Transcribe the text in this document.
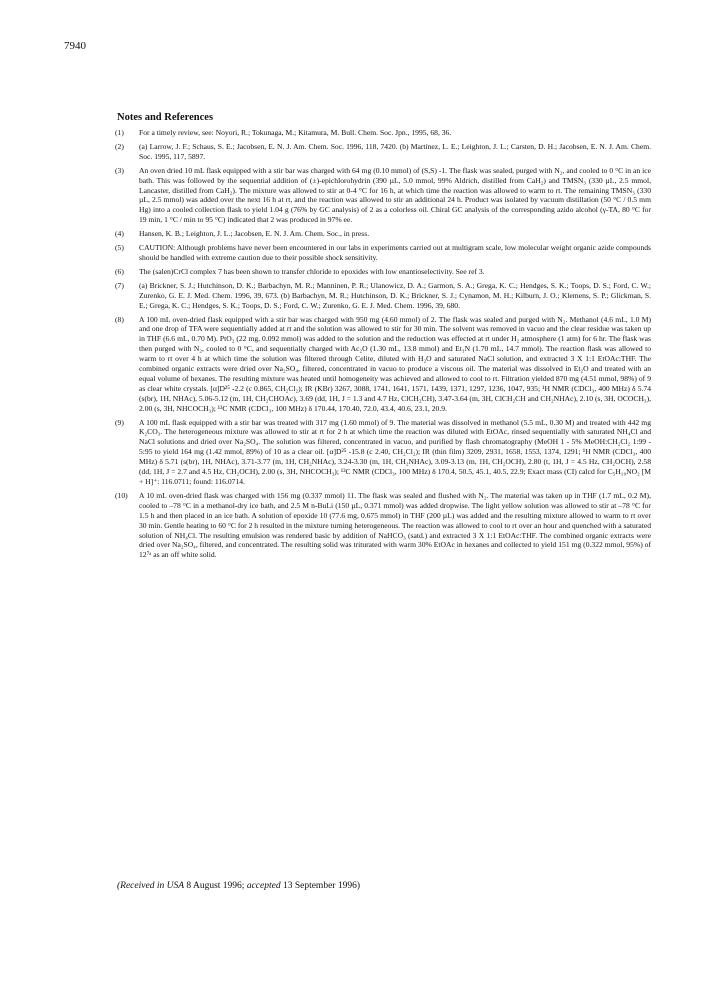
7940
Notes and References
(1)	For a timely review, see: Noyori, R.; Tokunaga, M.; Kitamura, M. Bull. Chem. Soc. Jpn., 1995, 68, 36.
(2)	(a) Larrow, J. F.; Schaus, S. E.; Jacobsen, E. N. J. Am. Chem. Soc. 1996, 118, 7420. (b) Martínez, L. E.; Leighton, J. L.; Carsten, D. H.; Jacobsen, E. N. J. Am. Chem. Soc. 1995, 117, 5897.
(3)	An oven dried 10 mL flask equipped with a stir bar was charged with 64 mg (0.10 mmol) of (S,S) -1. The flask was sealed, purged with N₂, and cooled to 0 °C in an ice bath. This was followed by the sequential addition of (±)-epichlorohydrin (390 µL, 5.0 mmol, 99% Aldrich, distilled from CaH₂) and TMSN₃ (330 µL, 2.5 mmol, Lancaster, distilled from CaH₂). The mixture was allowed to stir at 0-4 °C for 16 h, at which time the reaction was allowed to warm to rt. The remaining TMSN₃ (330 µL, 2.5 mmol) was added over the next 16 h at rt, and the reaction was allowed to stir an additional 24 h. Product was isolated by vacuum distillation (50 °C / 0.5 mm Hg) into a cooled collection flask to yield 1.04 g (76% by GC analysis) of 2 as a colorless oil. Chiral GC analysis of the corresponding azido alcohol (γ-TA, 80 °C for 19 min, 1 °C / min to 95 °C) indicated that 2 was produced in 97% ee.
(4)	Hansen, K. B.; Leighton, J. L.; Jacobsen, E. N. J. Am. Chem. Soc., in press.
(5)	CAUTION: Although problems have never been encountered in our labs in experiments carried out at multigram scale, low molecular weight organic azide compounds should be handled with extreme caution due to their possible shock sensitivity.
(6)	The (salen)CrCl complex 7 has been shown to transfer chloride to epoxides with low enantioselectivity. See ref 3.
(7)	(a) Brickner, S. J.; Hutchinson, D. K.; Barbachyn, M. R.; Manninen, P. R.; Ulanowicz, D. A.; Garmon, S. A.; Grega, K. C.; Hendges, S. K.; Toops, D. S.; Ford, C. W.; Zurenko, G. E. J. Med. Chem. 1996, 39, 673. (b) Barbachyn, M. R.; Hutchinson, D. K.; Brickner, S. J.; Cynamon, M. H.; Kilburn, J. O.; Klemens, S. P.; Glickman, S. E.; Grega, K. C.; Hendges, S. K.; Toops, D. S.; Ford, C. W.; Zurenko, G. E. J. Med. Chem. 1996, 39, 680.
(8)	A 100 mL oven-dried flask equipped with a stir bar was charged with 950 mg (4.60 mmol) of 2. The flask was sealed and purged with N₂. Methanol (4.6 mL, 1.0 M) and one drop of TFA were sequentially added at rt and the solution was allowed to stir for 30 min. The solvent was removed in vacuo and the clear residue was taken up in THF (6.6 mL, 0.70 M). PtO₂ (22 mg, 0.092 mmol) was added to the solution and the reduction was effected at rt under H₂ atmosphere (1 atm) for 6 hr. The flask was then purged with N₂, cooled to 0 °C, and sequentially charged with Ac₂O (1.30 mL, 13.8 mmol) and Et₃N (1.70 mL, 14.7 mmol). The reaction flask was allowed to warm to rt over 4 h at which time the solution was filtered through Celite, diluted with H₂O and saturated NaCl solution, and extracted 3 X 1:1 EtOAc:THF. The combined organic extracts were dried over Na₂SO₄, filtered, concentrated in vacuo to produce a viscous oil. The material was dissolved in Et₂O and treated with an equal volume of hexanes. The resulting mixture was heated until homogeneity was achieved and allowed to cool to rt. Filtration yielded 870 mg (4.51 mmol, 98%) of 9 as clear white crystals. [α]D²⁵ -2.2 (c 0.865, CH₂Cl₂); IR (KBr) 3267, 3088, 1741, 1641, 1571, 1439, 1371, 1297, 1236, 1047, 935; ¹H NMR (CDCl₃, 400 MHz) δ 5.74 (s(br), 1H, NHAc), 5.06-5.12 (m, 1H, CH₂CHOAc), 3.69 (dd, 1H, J = 1.3 and 4.7 Hz, ClCH₂CH), 3.47-3.64 (m, 3H, ClCH₂CH and CH₂NHAc), 2.10 (s, 3H, OCOCH₃), 2.00 (s, 3H, NHCOCH₃); ¹³C NMR (CDCl₃, 100 MHz) δ 170.44, 170.40, 72.0, 43.4, 40.6, 23.1, 20.9.
(9)	A 100 mL flask equipped with a stir bar was treated with 317 mg (1.60 mmol) of 9. The material was dissolved in methanol (5.5 mL, 0.30 M) and treated with 442 mg K₂CO₃. The heterogeneous mixture was allowed to stir at rt for 2 h at which time the reaction was diluted with EtOAc, rinsed sequentially with saturated NH₄Cl and NaCl solutions and dried over Na₂SO₄. The solution was filtered, concentrated in vacuo, and purified by flash chromatography (MeOH 1 - 5% MeOH:CH₂Cl₂ 1:99 - 5:95 to yield 164 mg (1.42 mmol, 89%) of 10 as a clear oil. [α]D²⁵ -15.8 (c 2.40, CH₂Cl₂); IR (thin film) 3209, 2931, 1658, 1553, 1374, 1291; ¹H NMR (CDCl₃, 400 MHz) δ 5.71 (s(br), 1H, NHAc), 3.71-3.77 (m, 1H, CH₂NHAc), 3.24-3.30 (m, 1H, CH₂NHAc), 3.09-3.13 (m, 1H, CH₂OCH), 2.80 (t, 1H, J = 4.5 Hz, CH₂OCH), 2.58 (dd, 1H, J = 2.7 and 4.5 Hz, CH₂OCH), 2.00 (s, 3H, NHCOCH₃); ¹³C NMR (CDCl₃, 100 MHz) δ 170.4, 50.5, 45.1, 40.5, 22.9; Exact mass (CI) calcd for C₅H₁₀NO₂ [M + H]⁺: 116.0711; found: 116.0714.
(10)	A 10 mL oven-dried flask was charged with 156 mg (0.337 mmol) 11. The flask was sealed and flushed with N₂. The material was taken up in THF (1.7 mL, 0.2 M), cooled to –78 °C in a methanol-dry ice bath, and 2.5 M n-BuLi (150 µL, 0.371 mmol) was added dropwise. The light yellow solution was allowed to stir at –78 °C for 1.5 h and then placed in an ice bath. A solution of epoxide 10 (77.6 mg, 0.675 mmol) in THF (200 µL) was added and the resulting mixture allowed to warm to rt over 30 min. Gentle heating to 60 °C for 2 h resulted in the mixture turning heterogeneous. The reaction was allowed to cool to rt over an hour and quenched with a saturated solution of NH₄Cl. The resulting emulsion was rendered basic by addition of NaHCO₃ (satd.) and extracted 3 X 1:1 EtOAc:THF. The combined organic extracts were dried over Na₂SO₄, filtered, and concentrated. The resulting solid was triturated with warm 30% EtOAc in hexanes and collected to yield 151 mg (0.322 mmol, 95%) of 12⁷ᵃ as an off white solid.
(Received in USA 8 August 1996; accepted 13 September 1996)
